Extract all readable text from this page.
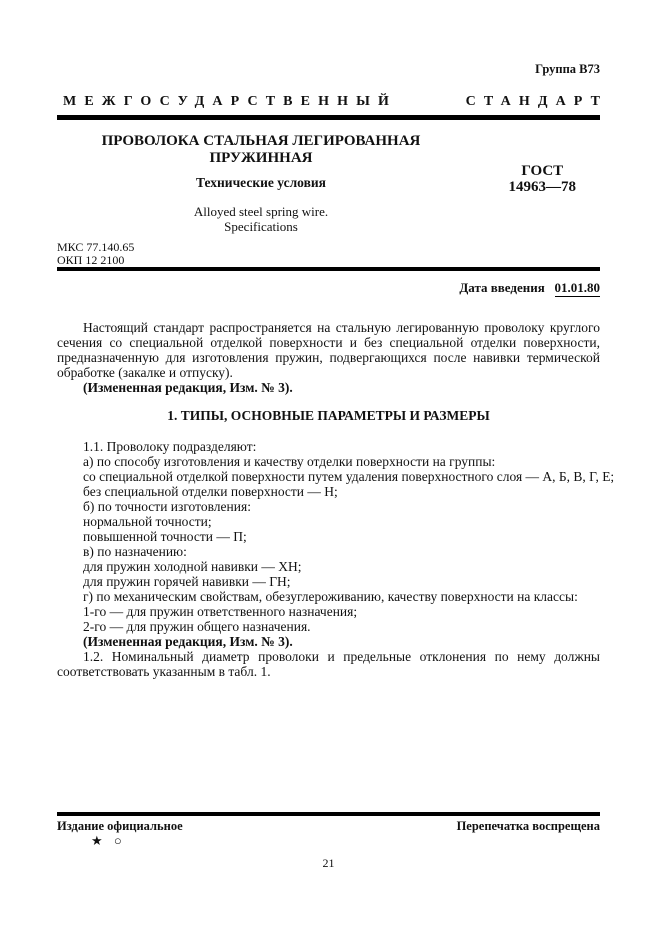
Группа В73
МЕЖГОСУДАРСТВЕННЫЙ	СТАНДАРТ
ПРОВОЛОКА СТАЛЬНАЯ ЛЕГИРОВАННАЯ
ПРУЖИННАЯ
Технические условия
Alloyed steel spring wire.
Specifications
ГОСТ
14963—78
МКС 77.140.65
ОКП 12 2100
Дата введения 01.01.80

Настоящий стандарт распространяется на стальную легированную проволоку круглого сечения со специальной отделкой поверхности и без специальной отделки поверхности, предназначенную для изготовления пружин, подвергающихся после навивки термической обработке (закалке и отпуску).

(Измененная редакция, Изм. № 3).
1. ТИПЫ, ОСНОВНЫЕ ПАРАМЕТРЫ И РАЗМЕРЫ
1.1. Проволоку подразделяют:
а) по способу изготовления и качеству отделки поверхности на группы:
со специальной отделкой поверхности путем удаления поверхностного слоя — А, Б, В, Г, Е;
без специальной отделки поверхности — Н;
б) по точности изготовления:
нормальной точности;
повышенной точности — П;
в) по назначению:
для пружин холодной навивки — ХН;
для пружин горячей навивки — ГН;
г) по механическим свойствам, обезуглероживанию, качеству поверхности на классы:
1-го — для пружин ответственного назначения;
2-го — для пружин общего назначения.
(Измененная редакция, Изм. № 3).

1.2. Номинальный диаметр проволоки и предельные отклонения по нему должны соответствовать указанным в табл. 1.

Издание официальное	Перепечатка воспрещена
★ ○
21
